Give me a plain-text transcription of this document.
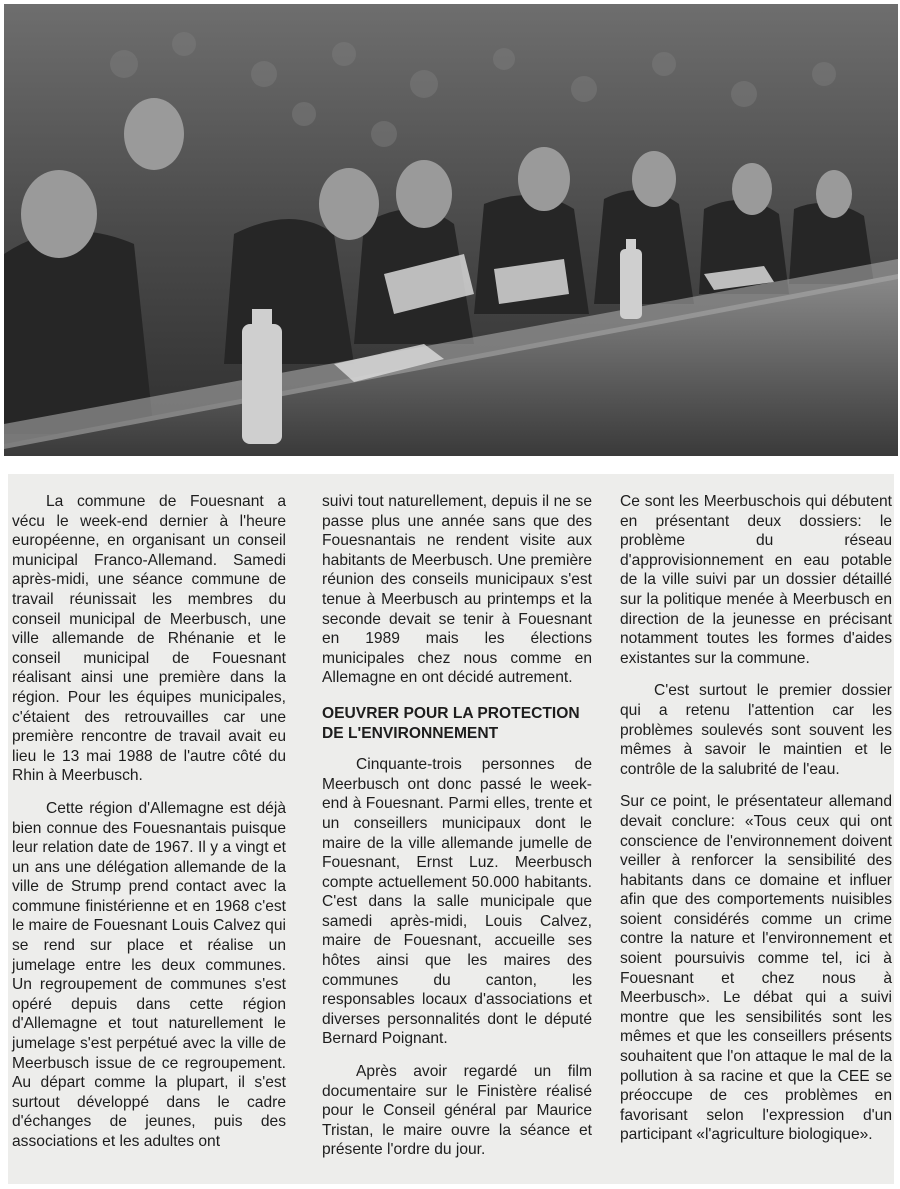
La commune de Fouesnant a vécu le week-end dernier à l'heure européenne, en organisant un conseil municipal Franco-Allemand. Samedi après-midi, une séance commune de travail réunissait les membres du conseil municipal de Meerbusch, une ville allemande de Rhénanie et le conseil municipal de Fouesnant réalisant ainsi une première dans la région. Pour les équipes municipales, c'étaient des retrouvailles car une première rencontre de travail avait eu lieu le 13 mai 1988 de l'autre côté du Rhin à Meerbusch.

Cette région d'Allemagne est déjà bien connue des Fouesnantais puisque leur relation date de 1967. Il y a vingt et un ans une délégation allemande de la ville de Strump prend contact avec la commune finistérienne et en 1968 c'est le maire de Fouesnant Louis Calvez qui se rend sur place et réalise un jumelage entre les deux communes. Un regroupement de communes s'est opéré depuis dans cette région d'Allemagne et tout naturellement le jumelage s'est perpétué avec la ville de Meerbusch issue de ce regroupement. Au départ comme la plupart, il s'est surtout développé dans le cadre d'échanges de jeunes, puis des associations et les adultes ont

suivi tout naturellement, depuis il ne se passe plus une année sans que des Fouesnantais ne rendent visite aux habitants de Meerbusch. Une première réunion des conseils municipaux s'est tenue à Meerbusch au printemps et la seconde devait se tenir à Fouesnant en 1989 mais les élections municipales chez nous comme en Allemagne en ont décidé autrement.

OEUVRER POUR LA PROTECTION DE L'ENVIRONNEMENT

Cinquante-trois personnes de Meerbusch ont donc passé le week-end à Fouesnant. Parmi elles, trente et un conseillers municipaux dont le maire de la ville allemande jumelle de Fouesnant, Ernst Luz. Meerbusch compte actuellement 50.000 habitants. C'est dans la salle municipale que samedi après-midi, Louis Calvez, maire de Fouesnant, accueille ses hôtes ainsi que les maires des communes du canton, les responsables locaux d'associations et diverses personnalités dont le député Bernard Poignant.

Après avoir regardé un film documentaire sur le Finistère réalisé pour le Conseil général par Maurice Tristan, le maire ouvre la séance et présente l'ordre du jour.

Ce sont les Meerbuschois qui débutent en présentant deux dossiers: le problème du réseau d'approvisionnement en eau potable de la ville suivi par un dossier détaillé sur la politique menée à Meerbusch en direction de la jeunesse en précisant notamment toutes les formes d'aides existantes sur la commune.

C'est surtout le premier dossier qui a retenu l'attention car les problèmes soulevés sont souvent les mêmes à savoir le maintien et le contrôle de la salubrité de l'eau.

Sur ce point, le présentateur allemand devait conclure: «Tous ceux qui ont conscience de l'environnement doivent veiller à renforcer la sensibilité des habitants dans ce domaine et influer afin que des comportements nuisibles soient considérés comme un crime contre la nature et l'environnement et soient poursuivis comme tel, ici à Fouesnant et chez nous à Meerbusch». Le débat qui a suivi montre que les sensibilités sont les mêmes et que les conseillers présents souhaitent que l'on attaque le mal de la pollution à sa racine et que la CEE se préoccupe de ces problèmes en favorisant selon l'expression d'un participant «l'agriculture biologique».
